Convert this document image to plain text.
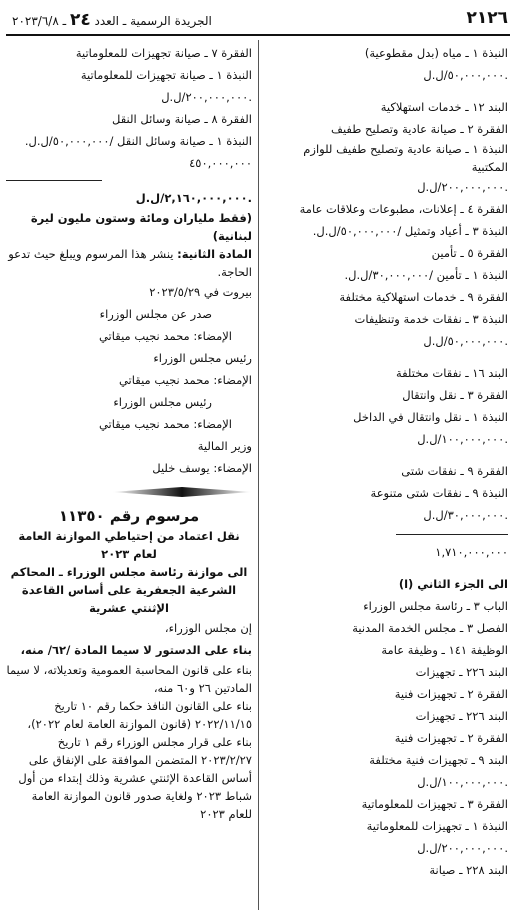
٢١٢٦
الجريدة الرسمية ـ العدد ٢٤ ـ ٢٠٢٣/٦/٨

النبذة ١ ـ مياه (بدل مقطوعية)

٥٠,٠٠٠,٠٠٠/ل.ل.

البند ١٢ ـ خدمات استهلاكية

الفقرة ٢ ـ صيانة عادية وتصليح طفيف

النبذة ١ ـ صيانة عادية وتصليح طفيف للوازم المكتبية

٢٠٠,٠٠٠,٠٠٠/ل.ل.

الفقرة ٤ ـ إعلانات، مطبوعات وعلاقات عامة

النبذة ٣ ـ أعياد وتمثيل /٥٠,٠٠٠,٠٠٠/ل.ل.

الفقرة ٥ ـ تأمين

النبذة ١ ـ تأمين /٣٠,٠٠٠,٠٠٠/ل.ل.

الفقرة ٩ ـ خدمات استهلاكية مختلفة

النبذة ٣ ـ نفقات خدمة وتنظيفات

٥٠,٠٠٠,٠٠٠/ل.ل.

البند ١٦ ـ نفقات مختلفة

الفقرة ٣ ـ نقل وانتقال

النبذة ١ ـ نقل وانتقال في الداخل

١٠٠,٠٠٠,٠٠٠/ل.ل.

الفقرة ٩ ـ نفقات شتى

النبذة ٩ ـ نفقات شتى متنوعة

٣٠,٠٠٠,٠٠٠/ل.ل.

١,٧١٠,٠٠٠,٠٠٠

الى الجزء الثاني (ا)

الباب ٣ ـ رئاسة مجلس الوزراء

الفصل ٣ ـ مجلس الخدمة المدنية

الوظيفة ١٤١ ـ وظيفة عامة

البند ٢٢٦ ـ تجهيزات

الفقرة ٢ ـ تجهيزات فنية

البند ٢٢٦ ـ تجهيزات

الفقرة ٢ ـ تجهيزات فنية

البند ٩ ـ تجهيزات فنية مختلفة

١٠٠,٠٠٠,٠٠٠/ل.ل.

الفقرة ٣ ـ تجهيزات للمعلوماتية

النبذة ١ ـ تجهيزات للمعلوماتية

٢٠٠,٠٠٠,٠٠٠/ل.ل.

البند ٢٢٨ ـ صيانة

الفقرة ٧ ـ صيانة تجهيزات للمعلوماتية

النبذة ١ ـ صيانة تجهيزات للمعلوماتية

٢٠٠,٠٠٠,٠٠٠/ل.ل.

الفقرة ٨ ـ صيانة وسائل النقل

النبذة ١ ـ صيانة وسائل النقل /٥٠,٠٠٠,٠٠٠/ل.ل.

٤٥٠,٠٠٠,٠٠٠

٢,١٦٠,٠٠٠,٠٠٠/ل.ل.

(فقط ملياران ومائة وستون مليون ليرة لبنانية)

المادة الثانية: ينشر هذا المرسوم ويبلغ حيث تدعو الحاجة.

بيروت في ٢٠٢٣/٥/٢٩

صدر عن مجلس الوزراء

الإمضاء: محمد نجيب ميقاتي

رئيس مجلس الوزراء

الإمضاء: محمد نجيب ميقاتي

رئيس مجلس الوزراء

الإمضاء: محمد نجيب ميقاتي

وزير المالية

الإمضاء: يوسف خليل

مرسوم رقم ١١٣٥٠

نقل اعتماد من إحتياطي الموازنة العامة لعام ٢٠٢٣

الى موازنة رئاسة مجلس الوزراء ـ المحاكم الشرعية الجعفرية على أساس القاعدة الإثنتي عشرية

إن مجلس الوزراء،

بناء على الدستور لا سيما المادة /٦٢/ منه،

بناء على قانون المحاسبة العمومية وتعديلاته، لا سيما المادتين ٢٦ و٦٠ منه،

بناء على القانون النافذ حكما رقم ١٠ تاريخ ٢٠٢٢/١١/١٥ (قانون الموازنة العامة لعام ٢٠٢٢)،

بناء على قرار مجلس الوزراء رقم ١ تاريخ ٢٠٢٣/٢/٢٧ المتضمن الموافقة على الإنفاق على أساس القاعدة الإثنتي عشرية وذلك إبتداء من أول شباط ٢٠٢٣ ولغاية صدور قانون الموازنة العامة للعام ٢٠٢٣
